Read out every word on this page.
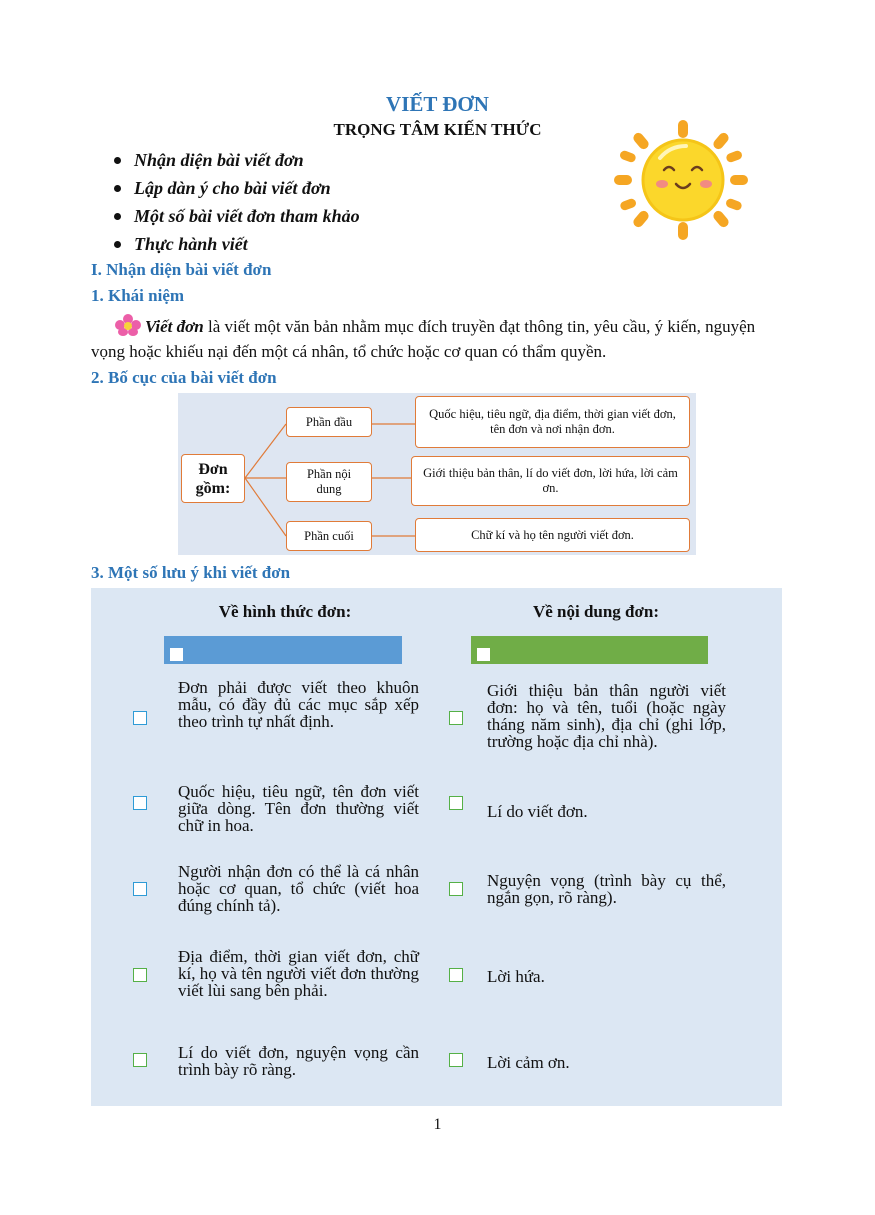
VIẾT ĐƠN
TRỌNG TÂM KIẾN THỨC
Nhận diện bài viết đơn
Lập dàn ý cho bài viết đơn
Một số bài viết đơn tham khảo
Thực hành viết
I. Nhận diện bài viết đơn
1. Khái niệm
Viết đơn là viết một văn bản nhằm mục đích truyền đạt thông tin, yêu cầu, ý kiến, nguyện vọng hoặc khiếu nại đến một cá nhân, tổ chức hoặc cơ quan có thẩm quyền.
2. Bố cục của bài viết đơn
Đơn gồm:
Phần đầu
Quốc hiệu, tiêu ngữ, địa điểm, thời gian viết đơn, tên đơn và nơi nhận đơn.
Phần nội dung
Giới thiệu bản thân, lí do viết đơn, lời hứa, lời cảm ơn.
Phần cuối	Chữ kí và họ tên người viết đơn.
3. Một số lưu ý khi viết đơn
Về hình thức đơn:	Về nội dung đơn:
Đơn phải được viết theo khuôn mẫu, có đầy đủ các mục sắp xếp theo trình tự nhất định.
Quốc hiệu, tiêu ngữ, tên đơn viết giữa dòng. Tên đơn thường viết chữ in hoa.
Người nhận đơn có thể là cá nhân hoặc cơ quan, tổ chức (viết hoa đúng chính tả).
Địa điểm, thời gian viết đơn, chữ kí, họ và tên người viết đơn thường viết lùi sang bên phải.
Lí do viết đơn, nguyện vọng cần trình bày rõ ràng.
Giới thiệu bản thân người viết đơn: họ và tên, tuổi (hoặc ngày tháng năm sinh), địa chỉ (ghi lớp, trường hoặc địa chỉ nhà).
Lí do viết đơn.
Nguyện vọng (trình bày cụ thể, ngắn gọn, rõ ràng).
Lời hứa.
Lời cảm ơn.
1
